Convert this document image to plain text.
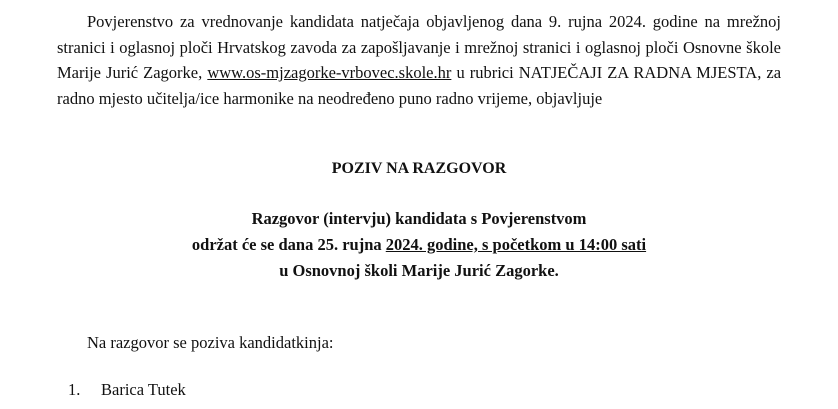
Povjerenstvo za vrednovanje kandidata natječaja objavljenog dana 9. rujna 2024. godine na mrežnoj stranici i oglasnoj ploči Hrvatskog zavoda za zapošljavanje i mrežnoj stranici i oglasnoj ploči Osnovne škole Marije Jurić Zagorke, www.os-mjzagorke-vrbovec.skole.hr u rubrici NATJEČAJI ZA RADNA MJESTA, za radno mjesto učitelja/ice harmonike na neodređeno puno radno vrijeme, objavljuje

POZIV NA RAZGOVOR

Razgovor (intervju) kandidata s Povjerenstvom
održat će se dana 25. rujna 2024. godine, s početkom u 14:00 sati
u Osnovnoj školi Marije Jurić Zagorke.

Na razgovor se poziva kandidatkinja:

1.	Barica Tutek
